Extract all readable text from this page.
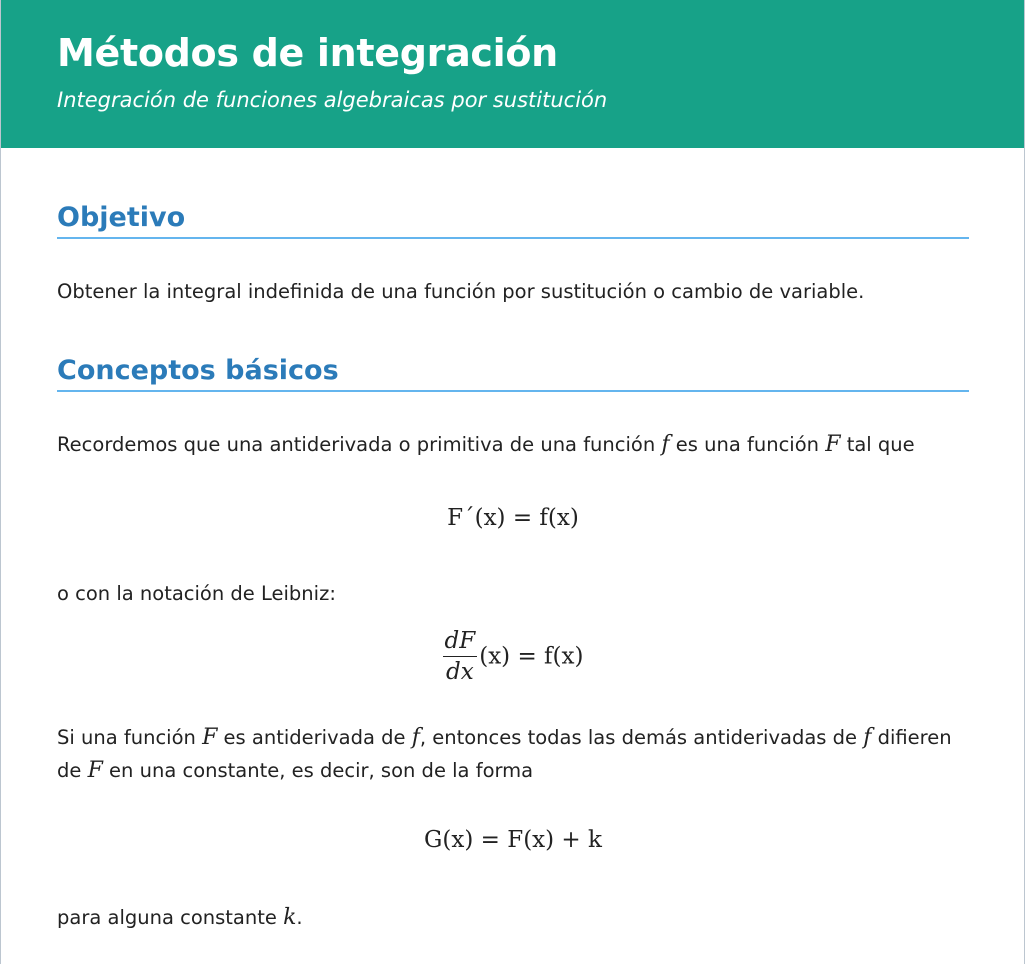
Métodos de integración
Integración de funciones algebraicas por sustitución
Objetivo

Obtener la integral indefinida de una función por sustitución o cambio de variable.

Conceptos básicos

Recordemos que una antiderivada o primitiva de una función f es una función F tal que

F´(x) = f(x)

o con la notación de Leibniz:

$\frac{dF}{dx} (x) = f(x)$

Si una función F es antiderivada de f, entonces todas las demás antiderivadas de f difieren de F en una constante, es decir, son de la forma

G(x) = F(x) + k

para alguna constante k.
